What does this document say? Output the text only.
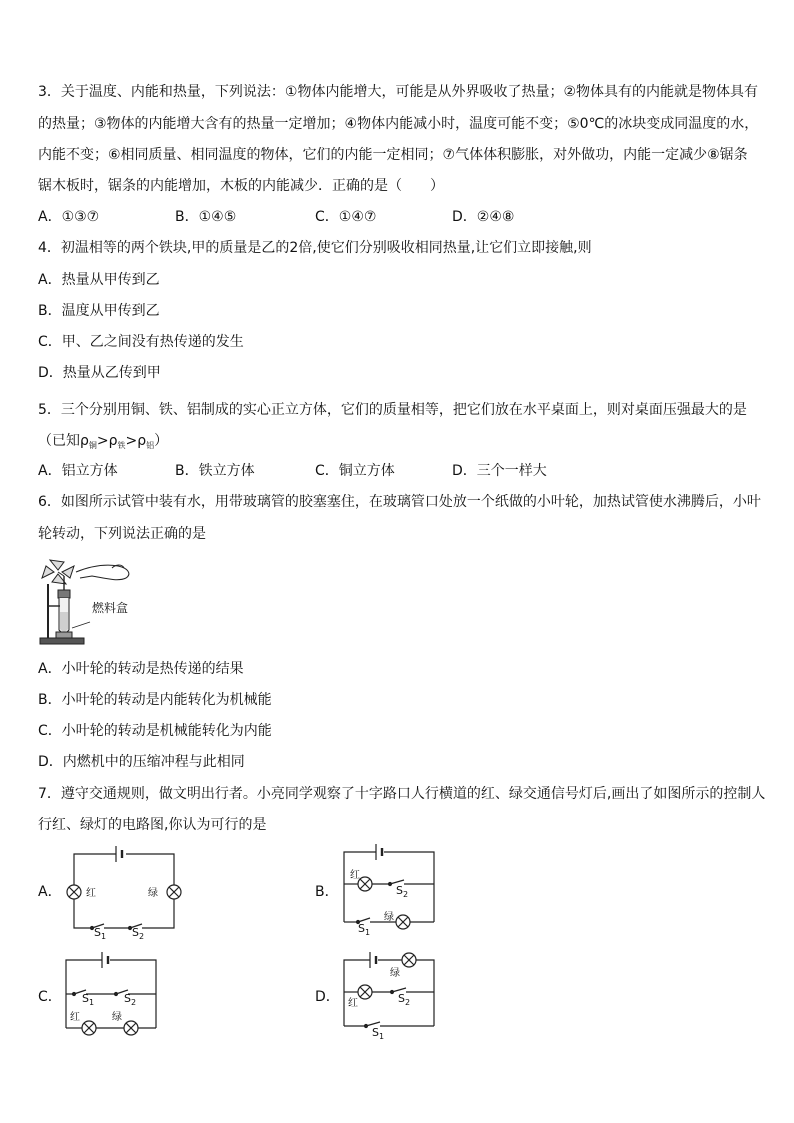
3．关于温度、内能和热量，下列说法：①物体内能增大，可能是从外界吸收了热量；②物体具有的内能就是物体具有
的热量；③物体的内能增大含有的热量一定增加；④物体内能减小时，温度可能不变；⑤0℃的冰块变成同温度的水，
内能不变；⑥相同质量、相同温度的物体，它们的内能一定相同；⑦气体体积膨胀，对外做功，内能一定减少⑧锯条
锯木板时，锯条的内能增加，木板的内能减少．正确的是（　　）
A．①③⑦	B．①④⑤	C．①④⑦	D．②④⑧
4．初温相等的两个铁块,甲的质量是乙的2倍,使它们分别吸收相同热量,让它们立即接触,则
A．热量从甲传到乙
B．温度从甲传到乙
C．甲、乙之间没有热传递的发生
D．热量从乙传到甲
5．三个分别用铜、铁、铝制成的实心正立方体，它们的质量相等，把它们放在水平桌面上，则对桌面压强最大的是
（已知$\rho_铜>\rho_铁>\rho_铝$）
A．铝立方体	B．铁立方体	C．铜立方体	D．三个一样大
6．如图所示试管中装有水，用带玻璃管的胶塞塞住，在玻璃管口处放一个纸做的小叶轮，加热试管使水沸腾后，小叶
轮转动，下列说法正确的是
燃料盒
A．小叶轮的转动是热传递的结果
B．小叶轮的转动是内能转化为机械能
C．小叶轮的转动是机械能转化为内能
D．内燃机中的压缩冲程与此相同
7．遵守交通规则，做文明出行者。小亮同学观察了十字路口人行横道的红、绿交通信号灯后,画出了如图所示的控制人
行红、绿灯的电路图,你认为可行的是
A． 红	绿
$S_1$ $S_2$
B．
红
$S_2$
绿
$S_1$
C． $S_1$	$S_2$
红	绿
D．
绿
红	$S_2$
$S_1$
